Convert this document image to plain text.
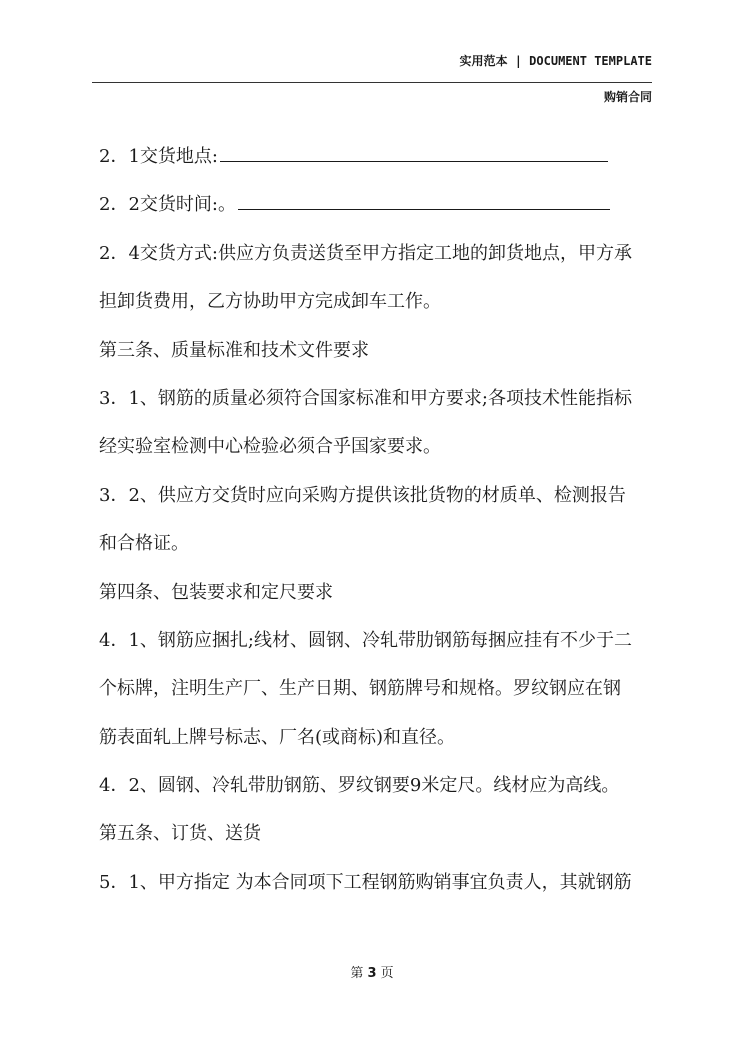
实用范本 | DOCUMENT TEMPLATE
购销合同
2．1交货地点:
2．2交货时间:。
2．4交货方式:供应方负责送货至甲方指定工地的卸货地点，甲方承
担卸货费用，乙方协助甲方完成卸车工作。
第三条、质量标准和技术文件要求
3．1、钢筋的质量必须符合国家标准和甲方要求;各项技术性能指标
经实验室检测中心检验必须合乎国家要求。
3．2、供应方交货时应向采购方提供该批货物的材质单、检测报告
和合格证。
第四条、包装要求和定尺要求
4．1、钢筋应捆扎;线材、圆钢、冷轧带肋钢筋每捆应挂有不少于二
个标牌，注明生产厂、生产日期、钢筋牌号和规格。罗纹钢应在钢
筋表面轧上牌号标志、厂名(或商标)和直径。
4．2、圆钢、冷轧带肋钢筋、罗纹钢要9米定尺。线材应为高线。
第五条、订货、送货
5．1、甲方指定 为本合同项下工程钢筋购销事宜负责人，其就钢筋
第 3 页
